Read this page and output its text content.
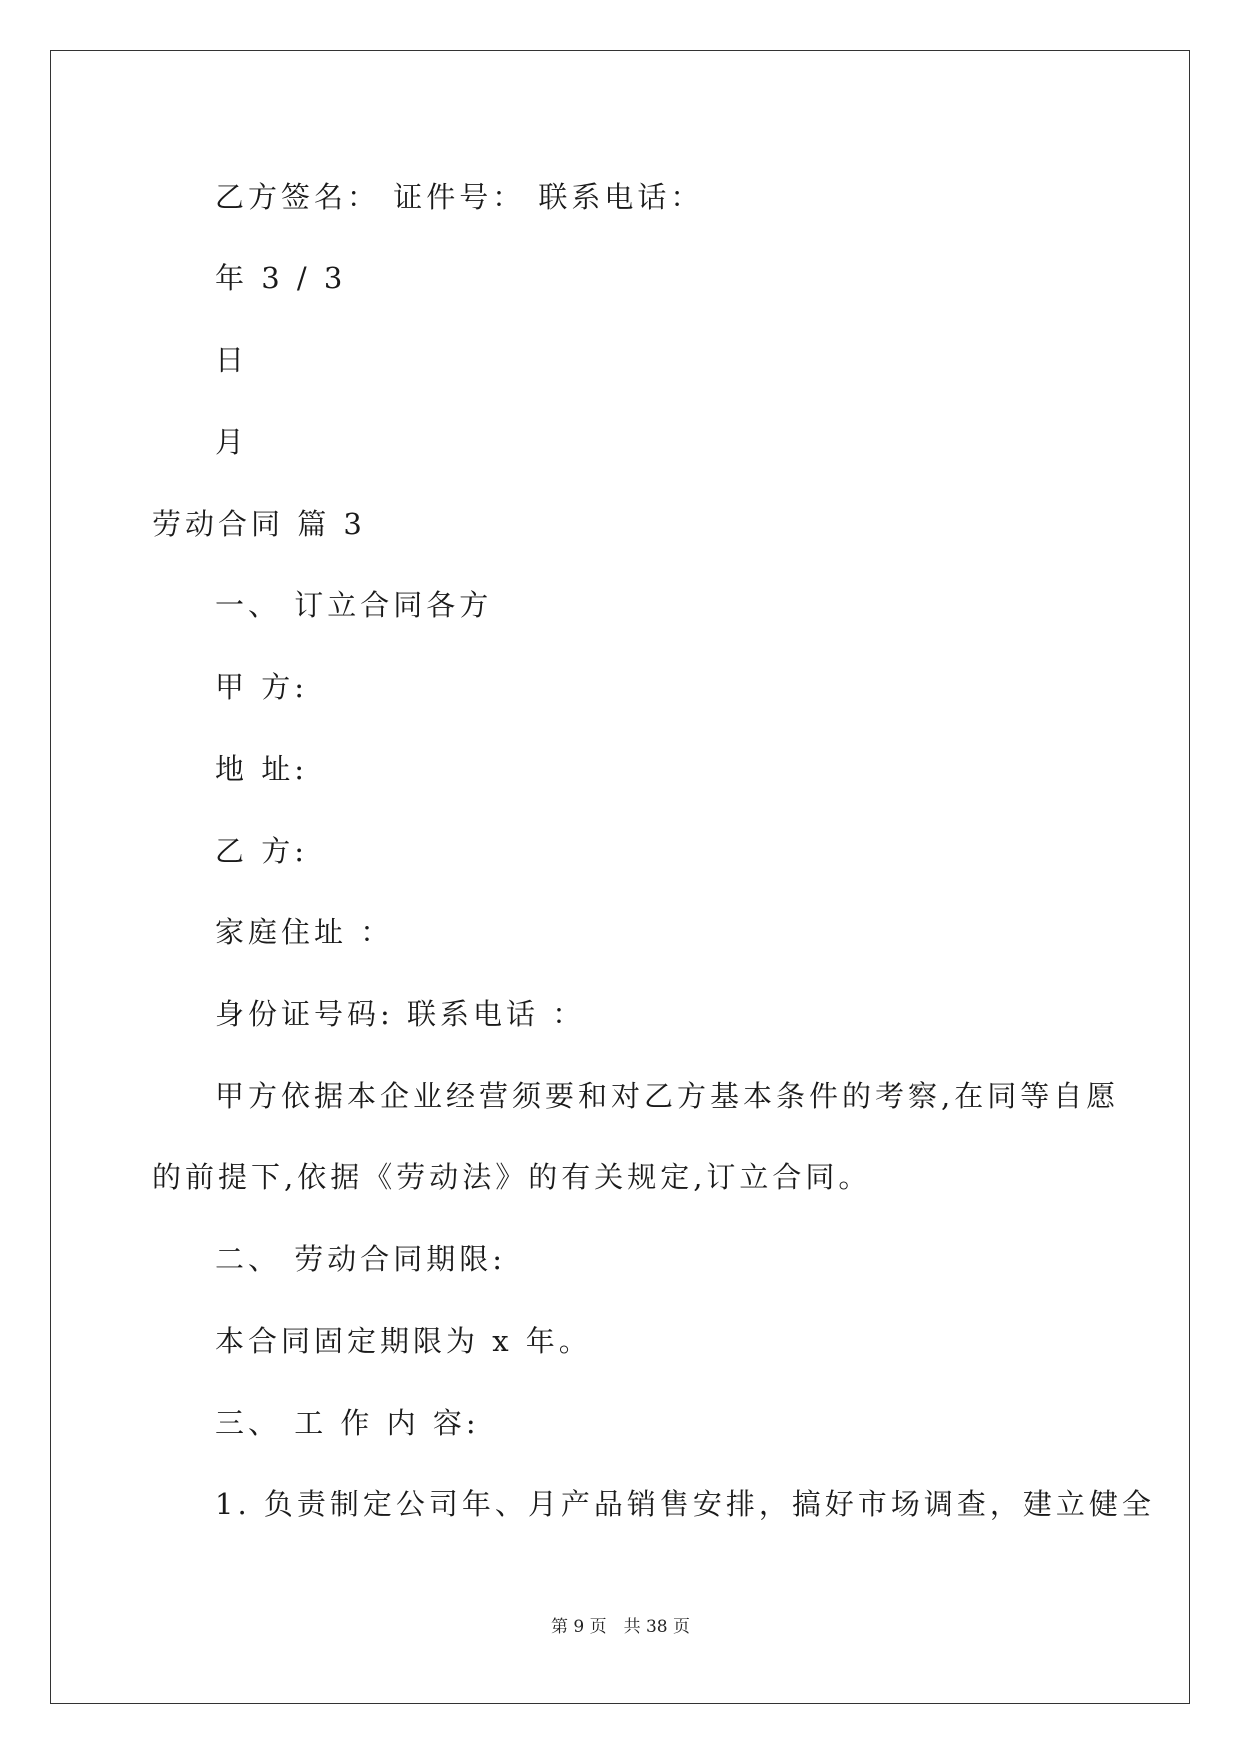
乙方签名： 证件号： 联系电话：
年 3 / 3
日
月
劳动合同 篇 3
一、 订立合同各方
甲 方:
地 址:
乙 方:
家庭住址 ：
身份证号码: 联系电话 ：
甲方依据本企业经营须要和对乙方基本条件的考察,在同等自愿
的前提下,依据《劳动法》的有关规定,订立合同。
二、 劳动合同期限:
本合同固定期限为 x 年。
三、 工 作 内 容:
1. 负责制定公司年、月产品销售安排，搞好市场调查，建立健全
第 9 页　共 38 页
